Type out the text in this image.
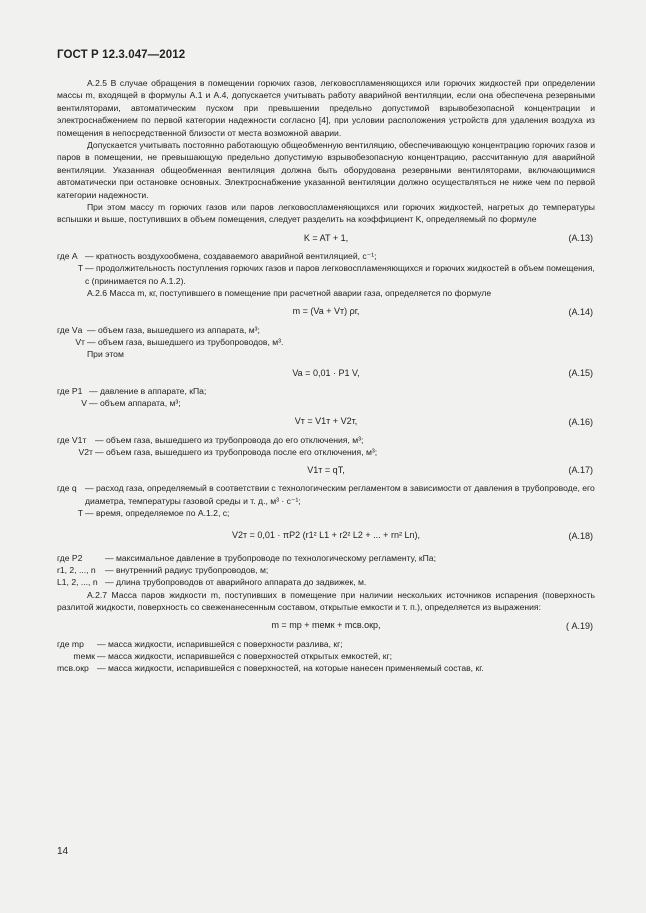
ГОСТ Р 12.3.047—2012

А.2.5 В случае обращения в помещении горючих газов, легковоспламеняющихся или горючих жидкостей при определении массы m, входящей в формулы А.1 и А.4, допускается учитывать работу аварийной вентиляции, если она обеспечена резервными вентиляторами, автоматическим пуском при превышении предельно допустимой взрывобезопасной концентрации и электроснабжением по первой категории надежности согласно [4], при условии расположения устройств для удаления воздуха из помещения в непосредственной близости от места возможной аварии.

Допускается учитывать постоянно работающую общеобменную вентиляцию, обеспечивающую концентрацию горючих газов и паров в помещении, не превышающую предельно допустимую взрывобезопасную концентрацию, рассчитанную для аварийной вентиляции. Указанная общеобменная вентиляция должна быть оборудована резервными вентиляторами, включающимися автоматически при остановке основных. Электроснабжение указанной вентиляции должно осуществляться не ниже чем по первой категории надежности.

При этом массу m горючих газов или паров легковоспламеняющихся или горючих жидкостей, нагретых до температуры вспышки и выше, поступивших в объем помещения, следует разделить на коэффициент K, определяемый по формуле

K = AT + 1,	(А.13)
где A — кратность воздухообмена, создаваемого аварийной вентиляцией, с⁻¹;
T — продолжительность поступления горючих газов и паров легковоспламеняющихся и горючих жидкостей в объем помещения, с (принимается по А.1.2).

А.2.6 Масса m, кг, поступившего в помещение при расчетной аварии газа, определяется по формуле

m = (Va + Vт) ρг,	(А.14)
где Vа — объем газа, вышедшего из аппарата, м³;
Vт — объем газа, вышедшего из трубопроводов, м³.

При этом

Va = 0,01 · P1 V,	(А.15)
где P1 — давление в аппарате, кПа;
V — объем аппарата, м³;
Vт = V1т + V2т,	(А.16)
где V1т	— объем газа, вышедшего из трубопровода до его отключения, м³;
V2т — объем газа, вышедшего из трубопровода после его отключения, м³;
V1т = qT,	(А.17)
где q — расход газа, определяемый в соответствии с технологическим регламентом в зависимости от давления в трубопроводе, его диаметра, температуры газовой среды и т. д., м³ · с⁻¹;
T — время, определяемое по А.1.2, с;
V2т = 0,01 · πP2 (r1² L1 + r2² L2 + ... + rn² Ln),	(А.18)
где P2	— максимальное давление в трубопроводе по технологическому регламенту, кПа;
r1, 2, ..., n	— внутренний радиус трубопроводов, м;
L1, 2, ..., n — длина трубопроводов от аварийного аппарата до задвижек, м.

А.2.7 Масса паров жидкости m, поступивших в помещение при наличии нескольких источников испарения (поверхность разлитой жидкости, поверхность со свеженанесенным составом, открытые емкости и т. п.), определяется из выражения:

m = mр + mемк + mсв.окр,	( А.19)
где mр	— масса жидкости, испарившейся с поверхности разлива, кг;
mемк — масса жидкости, испарившейся с поверхностей открытых емкостей, кг;
mсв.окр — масса жидкости, испарившейся с поверхностей, на которые нанесен применяемый состав, кг.
14
